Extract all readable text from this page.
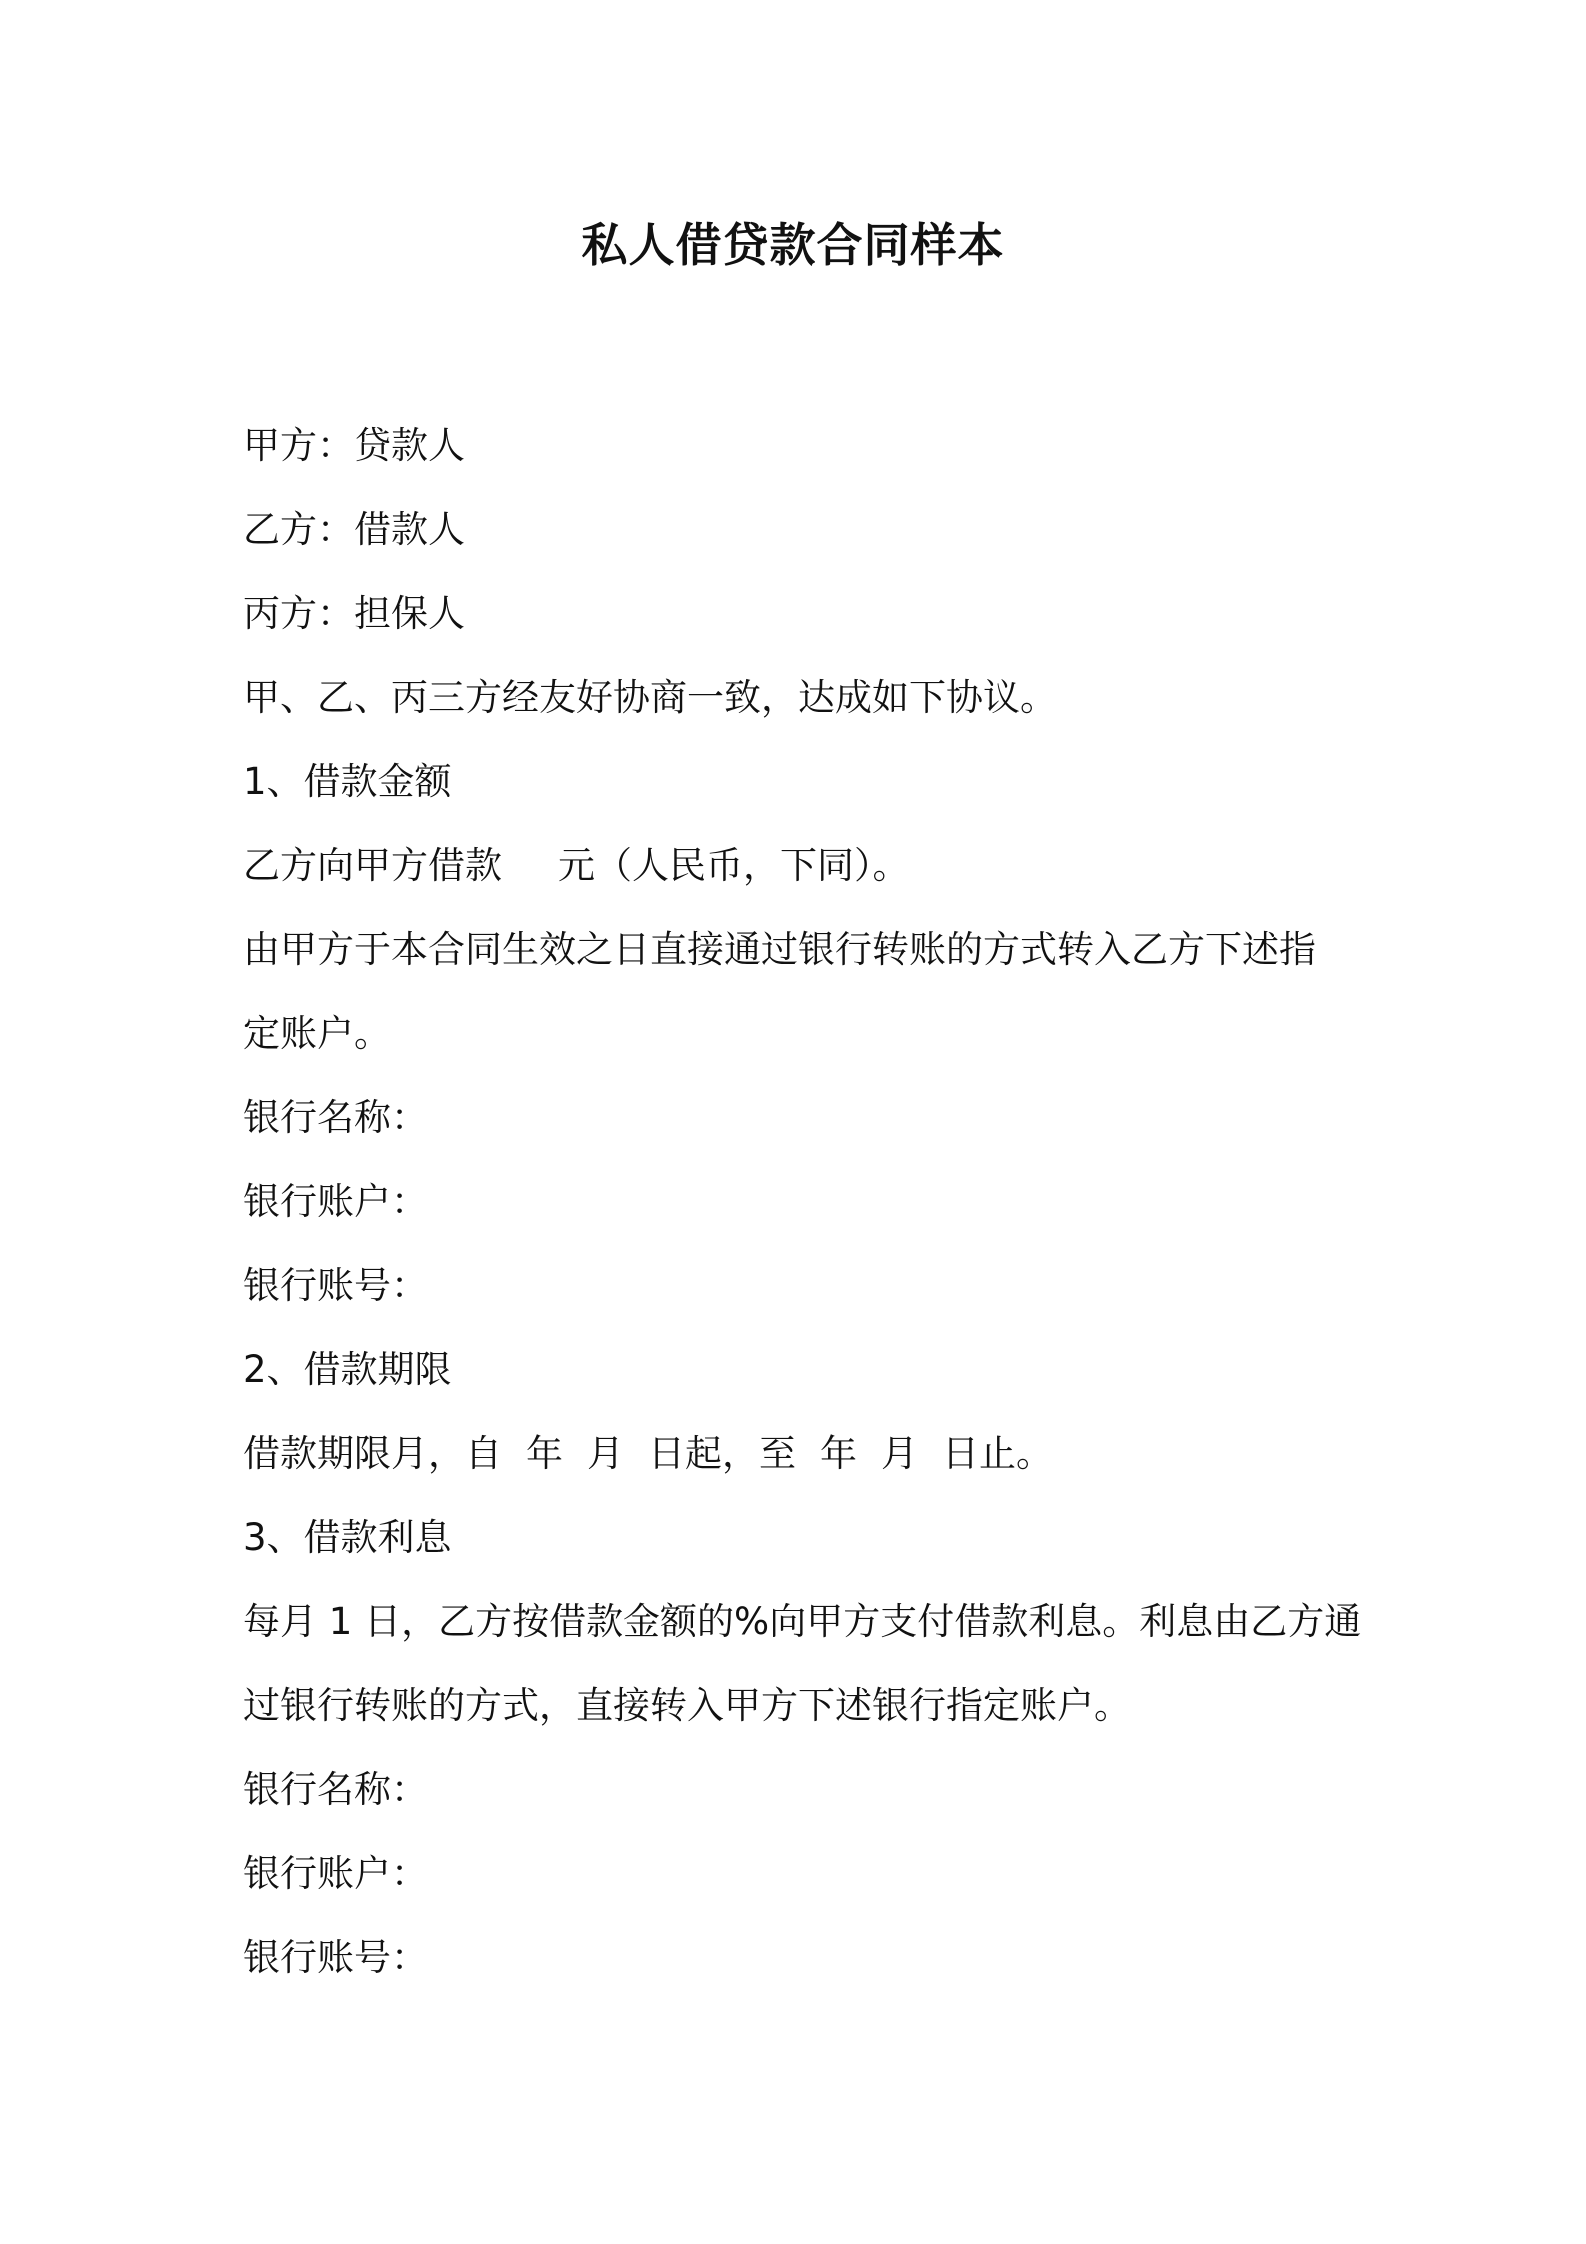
私人借贷款合同样本
甲方：贷款人
乙方：借款人
丙方：担保人
甲、乙、丙三方经友好协商一致，达成如下协议。
1、借款金额
乙方向甲方借款 元（人民币，下同）。
由甲方于本合同生效之日直接通过银行转账的方式转入乙方下述指
定账户。
银行名称：
银行账户：
银行账号：
2、借款期限
借款期限月，自 年 月 日起，至 年 月 日止。
3、借款利息
每月 1 日，乙方按借款金额的%向甲方支付借款利息。利息由乙方通
过银行转账的方式，直接转入甲方下述银行指定账户。
银行名称：
银行账户：
银行账号：
